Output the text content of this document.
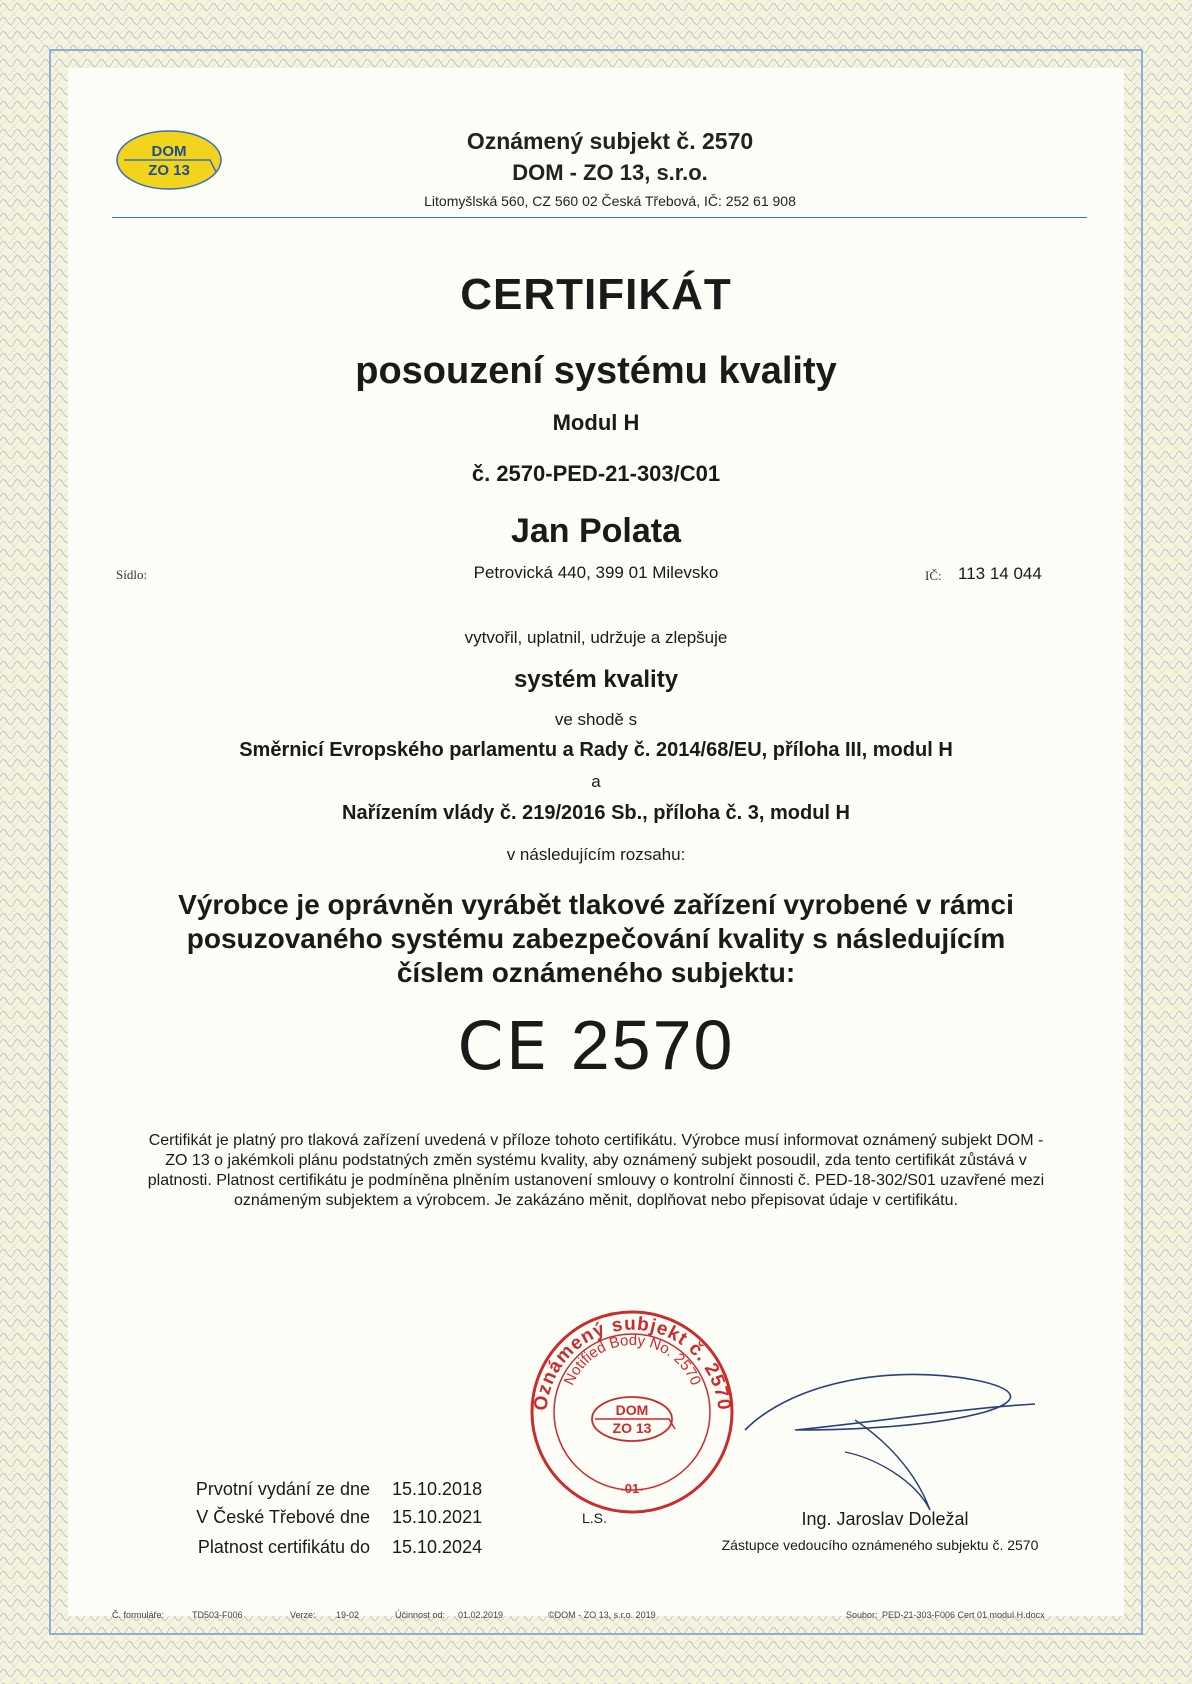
DOM
ZO 13
Oznámený subjekt č. 2570
DOM - ZO 13, s.r.o.
Litomyšlská 560, CZ 560 02 Česká Třebová, IČ: 252 61 908
CERTIFIKÁT
posouzení systému kvality
Modul H
č. 2570-PED-21-303/C01
Jan Polata
Sídlo:	Petrovická 440, 399 01 Milevsko	IČ: 113 14 044
vytvořil, uplatnil, udržuje a zlepšuje
systém kvality
ve shodě s
Směrnicí Evropského parlamentu a Rady č. 2014/68/EU, příloha III, modul H
a
Nařízením vlády č. 219/2016 Sb., příloha č. 3, modul H
v následujícím rozsahu:
Výrobce je oprávněn vyrábět tlakové zařízení vyrobené v rámci posuzovaného systému zabezpečování kvality s následujícím číslem oznámeného subjektu:
CE 2570
Certifikát je platný pro tlaková zařízení uvedená v příloze tohoto certifikátu. Výrobce musí informovat oznámený subjekt DOM - ZO 13 o jakémkoli plánu podstatných změn systému kvality, aby oznámený subjekt posoudil, zda tento certifikát zůstává v platnosti. Platnost certifikátu je podmíněna plněním ustanovení smlouvy o kontrolní činnosti č. PED-18-302/S01 uzavřené mezi oznámeným subjektem a výrobcem. Je zakázáno měnit, doplňovat nebo přepisovat údaje v certifikátu.
Oznámený subjekt č. 2570
Notified Body No. 2570
DOM
ZO 13
-01-
Prvotní vydání ze dne 15.10.2018
V České Třebové dne 15.10.2021
Platnost certifikátu do 15.10.2024
L.S.	Ing. Jaroslav Doležal
Zástupce vedoucího oznámeného subjektu č. 2570
Č. formuláře:	TD503-F006	Verze: 19-02	Účinnost od: 01.02.2019	©DOM - ZO 13, s.r.o. 2019	Soubor: PED-21-303-F006 Cert 01 modul H.docx
